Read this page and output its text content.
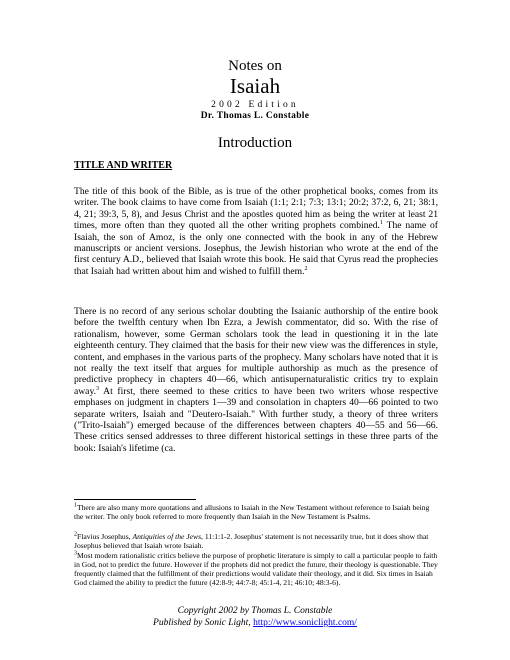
Notes on
Isaiah
2002 Edition
Dr. Thomas L. Constable
Introduction
TITLE AND WRITER

The title of this book of the Bible, as is true of the other prophetical books, comes from its writer. The book claims to have come from Isaiah (1:1; 2:1; 7:3; 13:1; 20:2; 37:2, 6, 21; 38:1, 4, 21; 39:3, 5, 8), and Jesus Christ and the apostles quoted him as being the writer at least 21 times, more often than they quoted all the other writing prophets combined.$^1$ The name of Isaiah, the son of Amoz, is the only one connected with the book in any of the Hebrew manuscripts or ancient versions. Josephus, the Jewish historian who wrote at the end of the first century A.D., believed that Isaiah wrote this book. He said that Cyrus read the prophecies that Isaiah had written about him and wished to fulfill them.$^2$

There is no record of any serious scholar doubting the Isaianic authorship of the entire book before the twelfth century when Ibn Ezra, a Jewish commentator, did so. With the rise of rationalism, however, some German scholars took the lead in questioning it in the late eighteenth century. They claimed that the basis for their new view was the differences in style, content, and emphases in the various parts of the prophecy. Many scholars have noted that it is not really the text itself that argues for multiple authorship as much as the presence of predictive prophecy in chapters 40—66, which antisupernaturalistic critics try to explain away.$^3$ At first, there seemed to these critics to have been two writers whose respective emphases on judgment in chapters 1—39 and consolation in chapters 40—66 pointed to two separate writers, Isaiah and "Deutero-Isaiah." With further study, a theory of three writers ("Trito-Isaiah") emerged because of the differences between chapters 40—55 and 56—66. These critics sensed addresses to three different historical settings in these three parts of the book: Isaiah's lifetime (ca.

$^1$There are also many more quotations and allusions to Isaiah in the New Testament without reference to Isaiah being the writer. The only book referred to more frequently than Isaiah in the New Testament is Psalms.

$^2$Flavius Josephus, Antiquities of the Jews, 11:1:1-2. Josephus' statement is not necessarily true, but it does show that Josephus believed that Isaiah wrote Isaiah.

$^3$Most modern rationalistic critics believe the purpose of prophetic literature is simply to call a particular people to faith in God, not to predict the future. However if the prophets did not predict the future, their theology is questionable. They frequently claimed that the fulfillment of their predictions would validate their theology, and it did. Six times in Isaiah God claimed the ability to predict the future (42:8-9; 44:7-8; 45:1-4, 21; 46:10; 48:3-6).

Copyright 2002 by Thomas L. Constable
Published by Sonic Light, http://www.soniclight.com/
